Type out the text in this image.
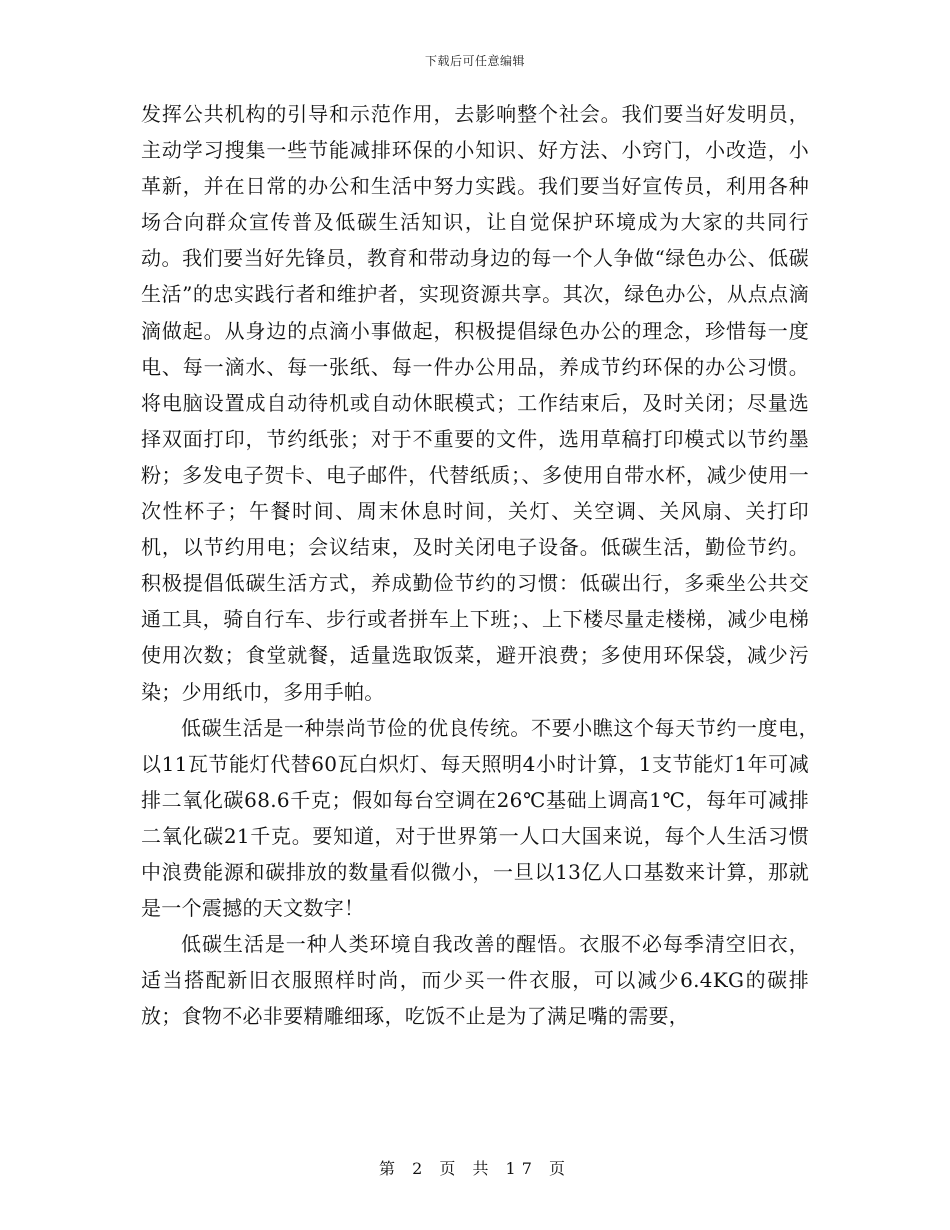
下载后可任意编辑

发挥公共机构的引导和示范作用，去影响整个社会。我们要当好发明员，主动学习搜集一些节能减排环保的小知识、好方法、小窍门，小改造，小革新，并在日常的办公和生活中努力实践。我们要当好宣传员，利用各种场合向群众宣传普及低碳生活知识，让自觉保护环境成为大家的共同行动。我们要当好先锋员，教育和带动身边的每一个人争做“绿色办公、低碳生活”的忠实践行者和维护者，实现资源共享。其次，绿色办公，从点点滴滴做起。从身边的点滴小事做起，积极提倡绿色办公的理念，珍惜每一度电、每一滴水、每一张纸、每一件办公用品，养成节约环保的办公习惯。将电脑设置成自动待机或自动休眠模式；工作结束后，及时关闭；尽量选择双面打印，节约纸张；对于不重要的文件，选用草稿打印模式以节约墨粉；多发电子贺卡、电子邮件，代替纸质；、多使用自带水杯，减少使用一次性杯子；午餐时间、周末休息时间，关灯、关空调、关风扇、关打印机，以节约用电；会议结束，及时关闭电子设备。低碳生活，勤俭节约。积极提倡低碳生活方式，养成勤俭节约的习惯：低碳出行，多乘坐公共交通工具，骑自行车、步行或者拼车上下班；、上下楼尽量走楼梯，减少电梯使用次数；食堂就餐，适量选取饭菜，避开浪费；多使用环保袋，减少污染；少用纸巾，多用手帕。

低碳生活是一种崇尚节俭的优良传统。不要小瞧这个每天节约一度电，　以11瓦节能灯代替60瓦白炽灯、每天照明4小时计算，1支节能灯1年可减排二氧化碳68.6千克；假如每台空调在26℃基础上调高1℃，每年可减排二氧化碳21千克。要知道，对于世界第一人口大国来说，每个人生活习惯中浪费能源和碳排放的数量看似微小，一旦以13亿人口基数来计算，那就是一个震撼的天文数字！

低碳生活是一种人类环境自我改善的醒悟。衣服不必每季清空旧衣，适当搭配新旧衣服照样时尚，而少买一件衣服，可以减少6.4KG的碳排放；食物不必非要精雕细琢，吃饭不止是为了满足嘴的需要，

第 2 页 共 17 页
